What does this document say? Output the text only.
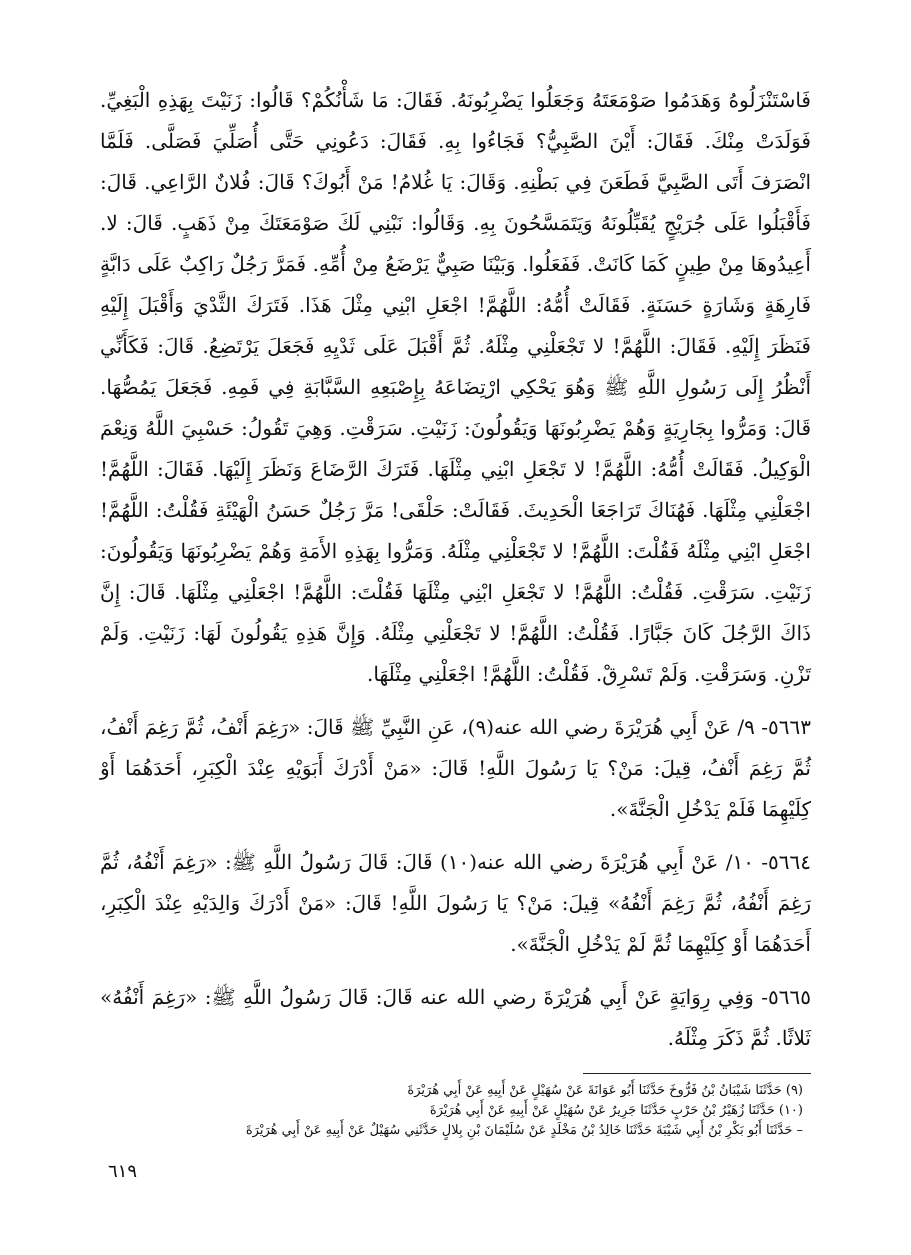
فَاسْتَنْزَلُوهُ وَهَدَمُوا صَوْمَعَتَهُ وَجَعَلُوا يَضْرِبُونَهُ. فَقَالَ: مَا شَأْنُكُمْ؟ قَالُوا: زَنَيْتَ بِهَذِهِ الْبَغِيِّ. فَوَلَدَتْ مِنْكَ. فَقَالَ: أَيْنَ الصَّبِيُّ؟ فَجَاءُوا بِهِ. فَقَالَ: دَعُونِي حَتَّى أُصَلِّيَ فَصَلَّى. فَلَمَّا انْصَرَفَ أَتَى الصَّبِيَّ فَطَعَنَ فِي بَطْنِهِ. وَقَالَ: يَا غُلامُ! مَنْ أَبُوكَ؟ قَالَ: فُلانٌ الرَّاعِي. قَالَ: فَأَقْبَلُوا عَلَى جُرَيْجٍ يُقَبِّلُونَهُ وَيَتَمَسَّحُونَ بِهِ. وَقَالُوا: نَبْنِي لَكَ صَوْمَعَتَكَ مِنْ ذَهَبٍ. قَالَ: لا. أَعِيدُوهَا مِنْ طِينٍ كَمَا كَانَتْ. فَفَعَلُوا. وَبَيْنَا صَبِيٌّ يَرْضَعُ مِنْ أُمِّهِ. فَمَرَّ رَجُلٌ رَاكِبٌ عَلَى دَابَّةٍ فَارِهَةٍ وَشَارَةٍ حَسَنَةٍ. فَقَالَتْ أُمُّهُ: اللَّهُمَّ! اجْعَلِ ابْنِي مِثْلَ هَذَا. فَتَرَكَ الثَّدْيَ وَأَقْبَلَ إِلَيْهِ فَنَظَرَ إِلَيْهِ. فَقَالَ: اللَّهُمَّ! لا تَجْعَلْنِي مِثْلَهُ. ثُمَّ أَقْبَلَ عَلَى ثَدْيِهِ فَجَعَلَ يَرْتَضِعُ. قَالَ: فَكَأَنِّي أَنْظُرُ إِلَى رَسُولِ اللَّهِ ﷺ وَهُوَ يَحْكِي ارْتِضَاعَهُ بِإِصْبَعِهِ السَّبَّابَةِ فِي فَمِهِ. فَجَعَلَ يَمُصُّهَا. قَالَ: وَمَرُّوا بِجَارِيَةٍ وَهُمْ يَضْرِبُونَهَا وَيَقُولُونَ: زَنَيْتِ. سَرَقْتِ. وَهِيَ تَقُولُ: حَسْبِيَ اللَّهُ وَنِعْمَ الْوَكِيلُ. فَقَالَتْ أُمُّهُ: اللَّهُمَّ! لا تَجْعَلِ ابْنِي مِثْلَهَا. فَتَرَكَ الرَّضَاعَ وَنَظَرَ إِلَيْهَا. فَقَالَ: اللَّهُمَّ! اجْعَلْنِي مِثْلَهَا. فَهُنَاكَ تَرَاجَعَا الْحَدِيثَ. فَقَالَتْ: حَلْقَى! مَرَّ رَجُلٌ حَسَنُ الْهَيْئَةِ فَقُلْتُ: اللَّهُمَّ! اجْعَلِ ابْنِي مِثْلَهُ فَقُلْتَ: اللَّهُمَّ! لا تَجْعَلْنِي مِثْلَهُ. وَمَرُّوا بِهَذِهِ الأَمَةِ وَهُمْ يَضْرِبُونَهَا وَيَقُولُونَ: زَنَيْتِ. سَرَقْتِ. فَقُلْتُ: اللَّهُمَّ! لا تَجْعَلِ ابْنِي مِثْلَهَا فَقُلْتَ: اللَّهُمَّ! اجْعَلْنِي مِثْلَهَا. قَالَ: إِنَّ ذَاكَ الرَّجُلَ كَانَ جَبَّارًا. فَقُلْتُ: اللَّهُمَّ! لا تَجْعَلْنِي مِثْلَهُ. وَإِنَّ هَذِهِ يَقُولُونَ لَهَا: زَنَيْتِ. وَلَمْ تَزْنِ. وَسَرَقْتِ. وَلَمْ تَسْرِقْ. فَقُلْتُ: اللَّهُمَّ! اجْعَلْنِي مِثْلَهَا.

٥٦٦٣- ٩/ عَنْ أَبِي هُرَيْرَةَ رضي الله عنه(٩)، عَنِ النَّبِيِّ ﷺ قَالَ: «رَغِمَ أَنْفُ، ثُمَّ رَغِمَ أَنْفُ، ثُمَّ رَغِمَ أَنْفُ، قِيلَ: مَنْ؟ يَا رَسُولَ اللَّهِ! قَالَ: «مَنْ أَدْرَكَ أَبَوَيْهِ عِنْدَ الْكِبَرِ، أَحَدَهُمَا أَوْ كِلَيْهِمَا فَلَمْ يَدْخُلِ الْجَنَّةَ».

٥٦٦٤- ١٠/ عَنْ أَبِي هُرَيْرَةَ رضي الله عنه(١٠) قَالَ: قَالَ رَسُولُ اللَّهِ ﷺ: «رَغِمَ أَنْفُهُ، ثُمَّ رَغِمَ أَنْفُهُ، ثُمَّ رَغِمَ أَنْفُهُ» قِيلَ: مَنْ؟ يَا رَسُولَ اللَّهِ! قَالَ: «مَنْ أَدْرَكَ وَالِدَيْهِ عِنْدَ الْكِبَرِ، أَحَدَهُمَا أَوْ كِلَيْهِمَا ثُمَّ لَمْ يَدْخُلِ الْجَنَّةَ».

٥٦٦٥- وَفِي رِوَايَةٍ عَنْ أَبِي هُرَيْرَةَ رضي الله عنه قَالَ: قَالَ رَسُولُ اللَّهِ ﷺ: «رَغِمَ أَنْفُهُ» ثَلاثًا. ثُمَّ ذَكَرَ مِثْلَهُ.

(٩) حَدَّثَنَا شَيْبَانُ بْنُ فَرُّوخَ حَدَّثَنَا أَبُو عَوَانَةَ عَنْ سُهَيْلٍ عَنْ أَبِيهِ عَنْ أَبِي هُرَيْرَةَ

(١٠) حَدَّثَنَا زُهَيْرُ بْنُ حَرْبٍ حَدَّثَنَا جَرِيرٌ عَنْ سُهَيْلٍ عَنْ أَبِيهِ عَنْ أَبِي هُرَيْرَةَ

– حَدَّثَنَا أَبُو بَكْرِ بْنُ أَبِي شَيْبَةَ حَدَّثَنَا خَالِدُ بْنُ مَخْلَدٍ عَنْ سُلَيْمَانَ بْنِ بِلالٍ حَدَّثَنِي سُهَيْلٌ عَنْ أَبِيهِ عَنْ أَبِي هُرَيْرَةَ

٦١٩
